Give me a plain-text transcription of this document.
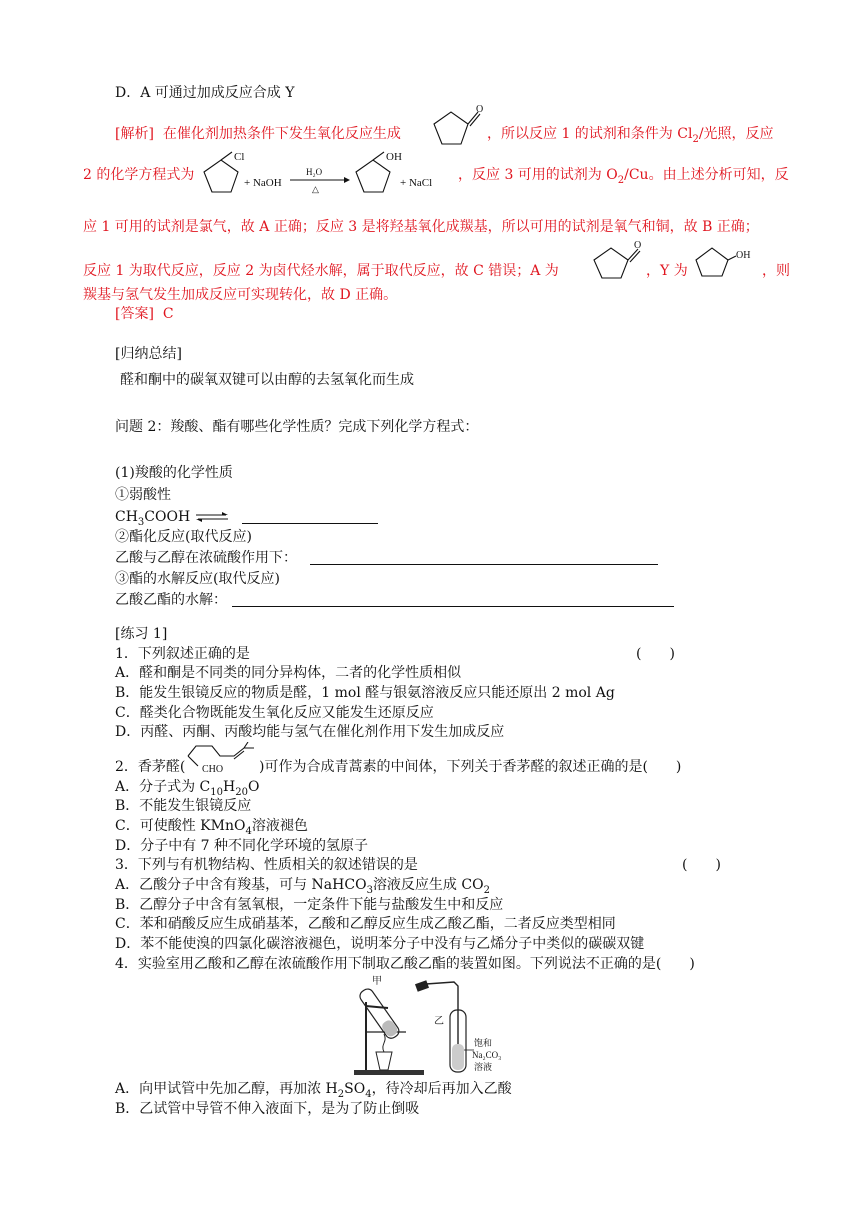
D．A 可通过加成反应合成 Y
[解析] 在催化剂加热条件下发生氧化反应生成
O
，所以反应 1 的试剂和条件为 $Cl_2/$光照，反应
2 的化学方程式为
Cl
+ NaOH
H₂O
△
OH
+ NaCl ，反应 3 可用的试剂为 $O_2/Cu$。由上述分析可知，反
应 1 可用的试剂是氯气，故 A 正确；反应 3 是将羟基氧化成羰基，所以可用的试剂是氧气和铜，故 B 正确；
反应 1 为取代反应，反应 2 为卤代烃水解，属于取代反应，故 C 错误；A 为
O
，Y 为
OH
，则
羰基与氢气发生加成反应可实现转化，故 D 正确。
[答案] C
[归纳总结]
醛和酮中的碳氧双键可以由醇的去氢氧化而生成
问题 2：羧酸、酯有哪些化学性质？完成下列化学方程式：
(1)羧酸的化学性质
①弱酸性
$CH_3COOH$ ⇌
②酯化反应(取代反应)
乙酸与乙醇在浓硫酸作用下：
③酯的水解反应(取代反应)
乙酸乙酯的水解：
[练习 1]
1．下列叙述正确的是	(　　)
A．醛和酮是不同类的同分异构体，二者的化学性质相似
B．能发生银镜反应的物质是醛，1 mol 醛与银氨溶液反应只能还原出 2 mol Ag
C．醛类化合物既能发生氧化反应又能发生还原反应
D．丙醛、丙酮、丙酸均能与氢气在催化剂作用下发生加成反应
2．香茅醛( CHO	)可作为合成青蒿素的中间体，下列关于香茅醛的叙述正确的是(　　)
A．分子式为 $C_{10}H_{20}O$
B．不能发生银镜反应
C．可使酸性 KMnO$_4$溶液褪色
D．分子中有 7 种不同化学环境的氢原子
3．下列与有机物结构、性质相关的叙述错误的是	(　　)
A．乙酸分子中含有羧基，可与 NaHCO$_3$溶液反应生成 $CO_2$
B．乙醇分子中含有氢氧根，一定条件下能与盐酸发生中和反应
C．苯和硝酸反应生成硝基苯，乙酸和乙醇反应生成乙酸乙酯，二者反应类型相同
D．苯不能使溴的四氯化碳溶液褪色，说明苯分子中没有与乙烯分子中类似的碳碳双键
4．实验室用乙酸和乙醇在浓硫酸作用下制取乙酸乙酯的装置如图。下列说法不正确的是(　　)
甲
乙
饱和
Na₂CO₃
溶液
A．向甲试管中先加乙醇，再加浓 $H_2SO_4$，待冷却后再加入乙酸
B．乙试管中导管不伸入液面下，是为了防止倒吸
